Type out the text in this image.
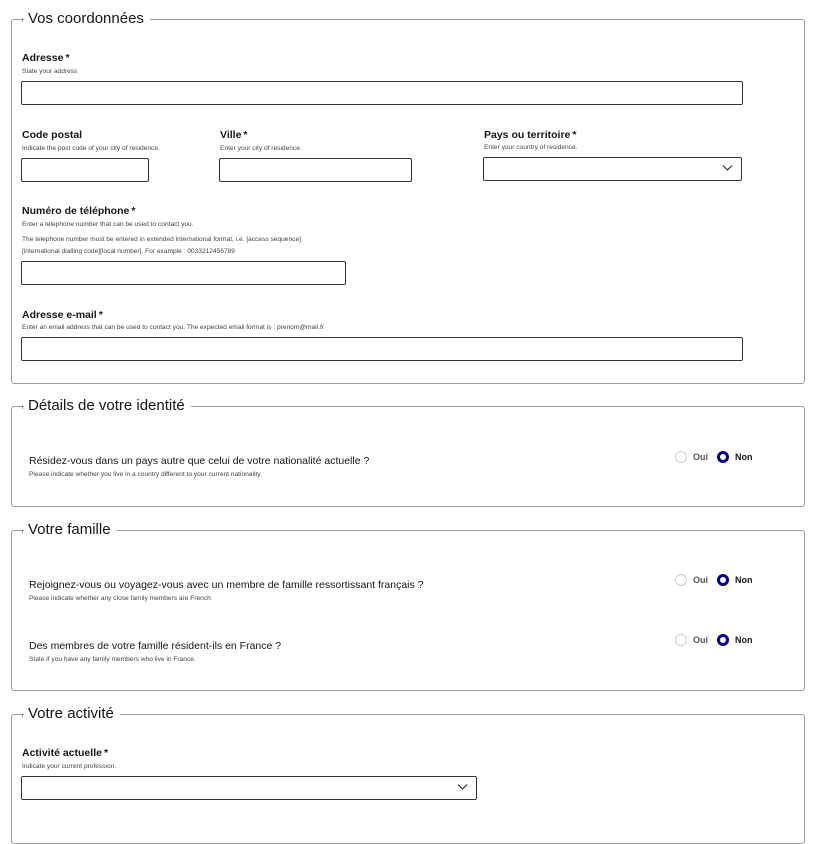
Vos coordonnées
Adresse *
State your address
Code postal
Indicate the post code of your city of residence.
Ville *
Enter your city of residence.
Pays ou territoire *
Enter your country of residence.
Numéro de téléphone *
Enter a telephone number that can be used to contact you.
The telephone number must be entered in extended international format, i.e. [access sequence]
[international dialling code][local number]. For example : 0033212456789
Adresse e-mail *
Enter an email address that can be used to contact you. The expected email format is : prenom@mail.fr
Détails de votre identité
Résidez-vous dans un pays autre que celui de votre nationalité actuelle ?
Please indicate whether you live in a country different to your current nationality
Oui	Non
Votre famille
Rejoignez-vous ou voyagez-vous avec un membre de famille ressortissant français ?
Please indicate whether any close family members are French
Oui	Non
Des membres de votre famille résident-ils en France ?
State if you have any family members who live in France.
Oui	Non
Votre activité
Activité actuelle *
Indicate your current profession.
